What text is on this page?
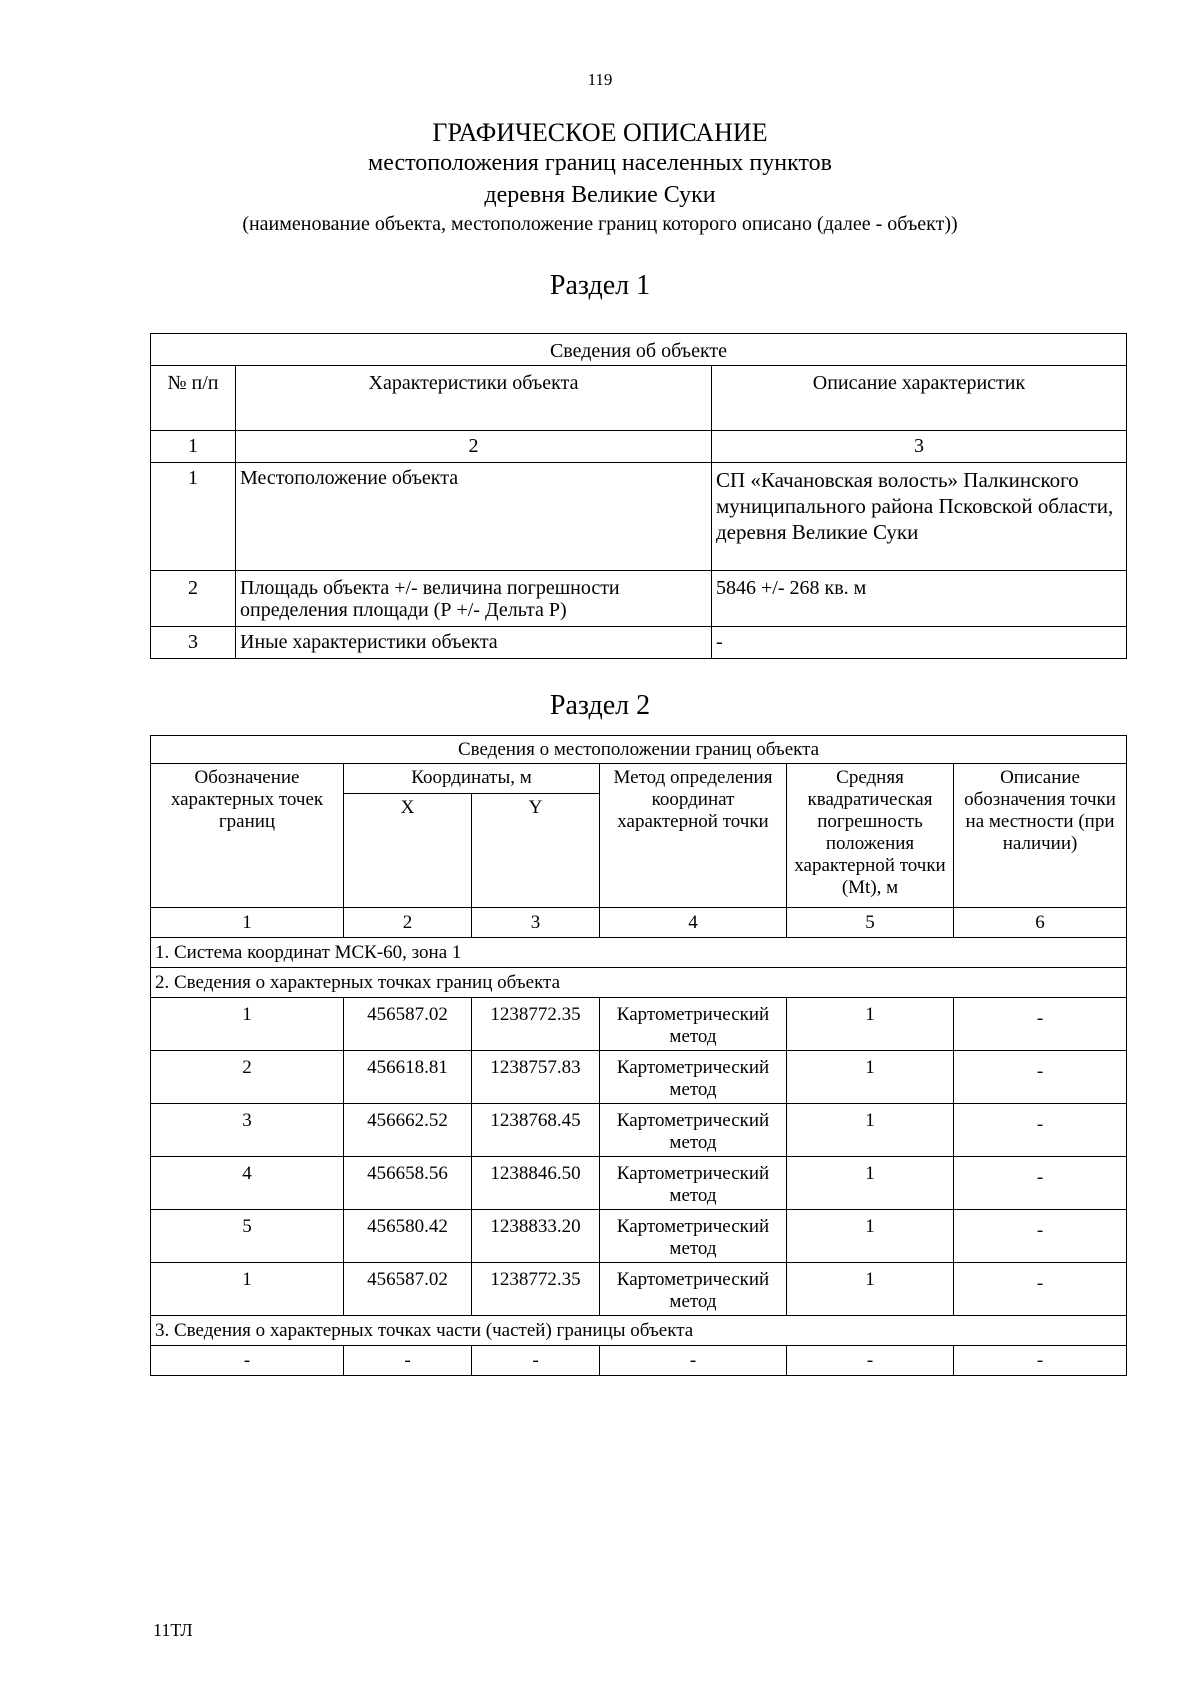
119
ГРАФИЧЕСКОЕ ОПИСАНИЕ
местоположения границ населенных пунктов
деревня Великие Суки
(наименование объекта, местоположение границ которого описано (далее - объект))
Раздел 1
Сведения об объекте		
№ п/п	Характеристики объекта	Описание характеристик
1	2	3
1	Местоположение объекта	СП «Качановская волость» Палкинского муниципального района Псковской области, деревня Великие Суки
2	Площадь объекта +/- величина погрешности определения площади (Р +/- Дельта Р)	5846 +/- 268 кв. м
3	Иные характеристики объекта	-
Раздел 2
Сведения о местоположении границ объекта					
Обозначение характерных точек границ	Координаты, м		Метод определения координат характерной точки	Средняя квадратическая погрешность положения характерной точки (Mt), м	Описание обозначения точки на местности (при наличии)
	X	Y			
1	2	3	4	5	6
1. Система координат МСК-60, зона 1					
2. Сведения о характерных точках границ объекта					
1	456587.02	1238772.35	Картометрический метод	1	-
2	456618.81	1238757.83	Картометрический метод	1	-
3	456662.52	1238768.45	Картометрический метод	1	-
4	456658.56	1238846.50	Картометрический метод	1	-
5	456580.42	1238833.20	Картометрический метод	1	-
1	456587.02	1238772.35	Картометрический метод	1	-
3. Сведения о характерных точках части (частей) границы объекта					
-	-	-	-	-	-
11ТЛ
